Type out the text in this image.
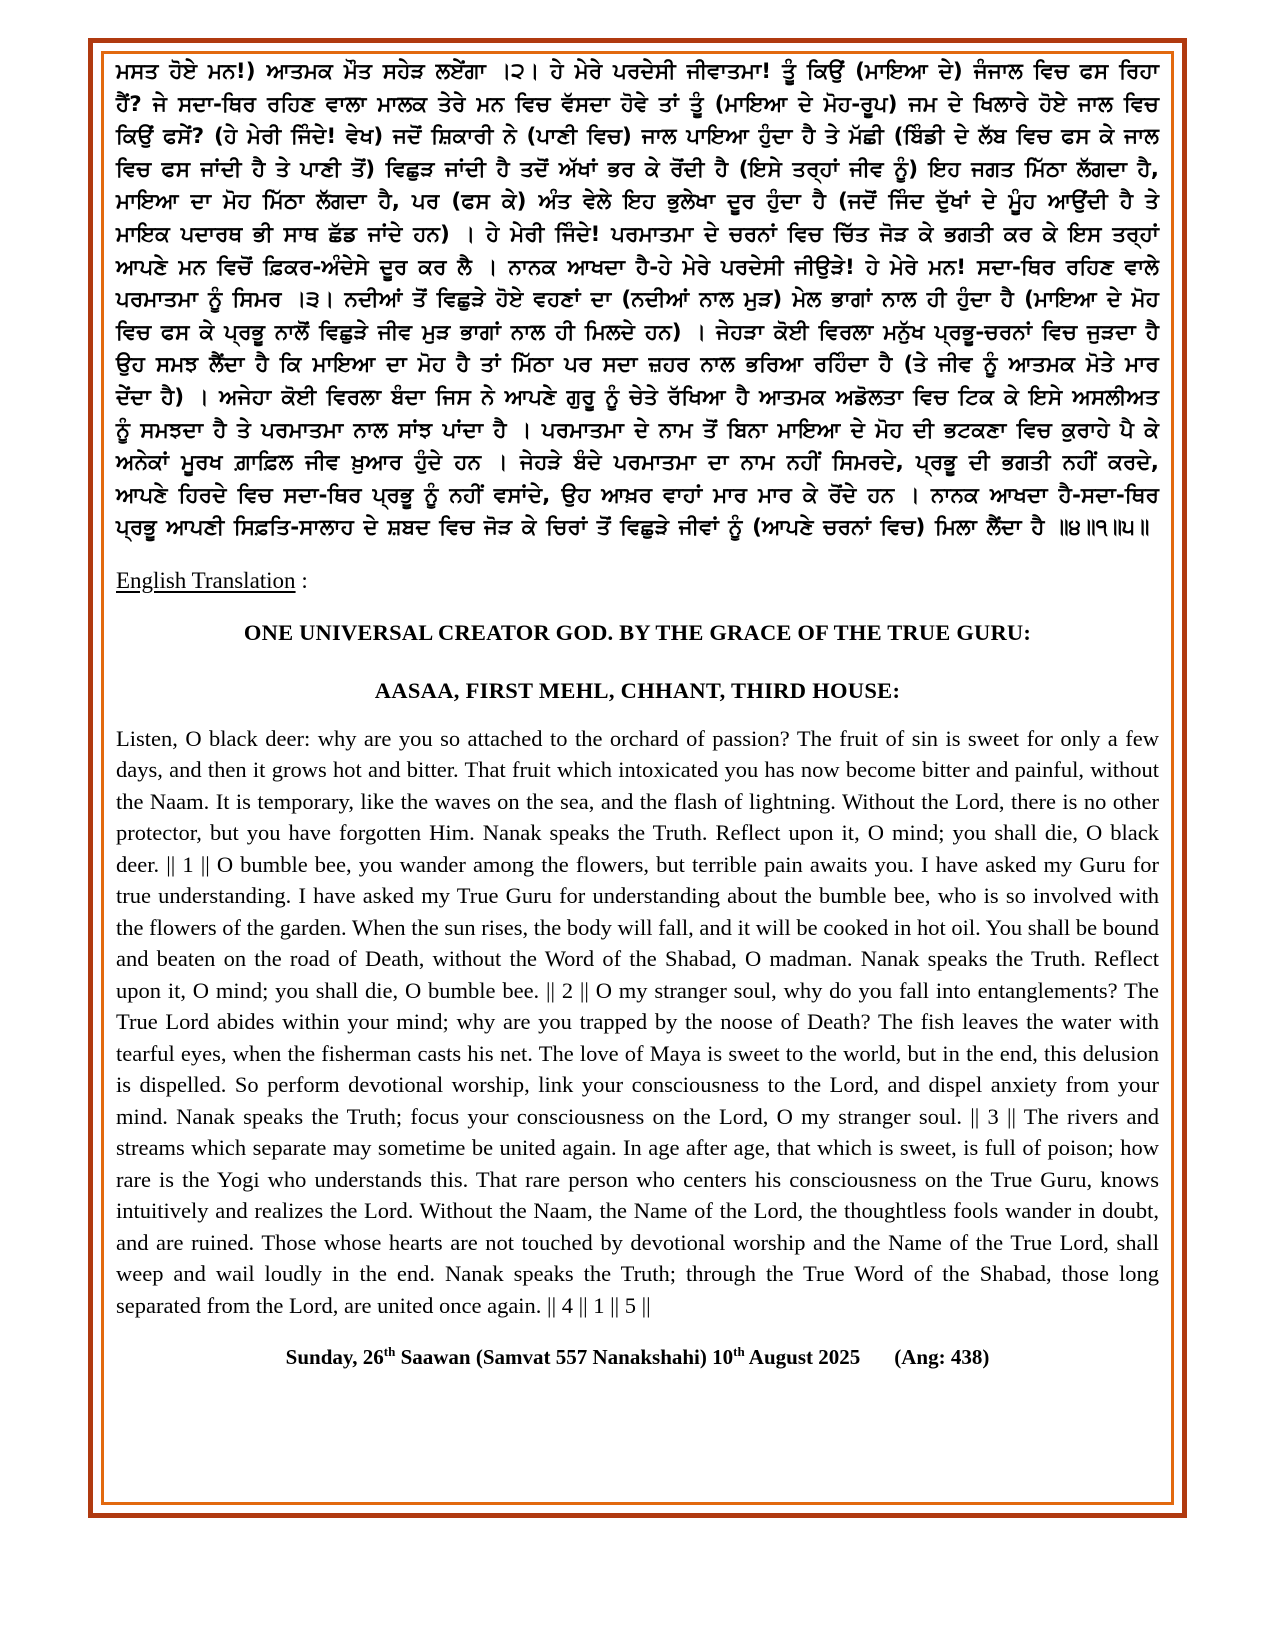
ਮਸਤ ਹੋਏ ਮਨ!) ਆਤਮਕ ਮੌਤ ਸਹੇੜ ਲਏਂਗਾ ।੨। ਹੇ ਮੇਰੇ ਪਰਦੇਸੀ ਜੀਵਾਤਮਾ! ਤੂੰ ਕਿਉਂ (ਮਾਇਆ ਦੇ) ਜੰਜਾਲ ਵਿਚ ਫਸ ਰਿਹਾ ਹੈਂ? ਜੇ ਸਦਾ-ਥਿਰ ਰਹਿਣ ਵਾਲਾ ਮਾਲਕ ਤੇਰੇ ਮਨ ਵਿਚ ਵੱਸਦਾ ਹੋਵੇ ਤਾਂ ਤੂੰ (ਮਾਇਆ ਦੇ ਮੋਹ-ਰੂਪ) ਜਮ ਦੇ ਖਿਲਾਰੇ ਹੋਏ ਜਾਲ ਵਿਚ ਕਿਉਂ ਫਸੇਂ? (ਹੇ ਮੇਰੀ ਜਿੰਦੇ! ਵੇਖ) ਜਦੋਂ ਸ਼ਿਕਾਰੀ ਨੇ (ਪਾਣੀ ਵਿਚ) ਜਾਲ ਪਾਇਆ ਹੁੰਦਾ ਹੈ ਤੇ ਮੱਛੀ (ਬਿੰਡੀ ਦੇ ਲੱਬ ਵਿਚ ਫਸ ਕੇ ਜਾਲ ਵਿਚ ਫਸ ਜਾਂਦੀ ਹੈ ਤੇ ਪਾਣੀ ਤੋਂ) ਵਿਛੁੜ ਜਾਂਦੀ ਹੈ ਤਦੋਂ ਅੱਖਾਂ ਭਰ ਕੇ ਰੋਂਦੀ ਹੈ (ਇਸੇ ਤਰ੍ਹਾਂ ਜੀਵ ਨੂੰ) ਇਹ ਜਗਤ ਮਿੱਠਾ ਲੱਗਦਾ ਹੈ, ਮਾਇਆ ਦਾ ਮੋਹ ਮਿੱਠਾ ਲੱਗਦਾ ਹੈ, ਪਰ (ਫਸ ਕੇ) ਅੰਤ ਵੇਲੇ ਇਹ ਭੁਲੇਖਾ ਦੂਰ ਹੁੰਦਾ ਹੈ (ਜਦੋਂ ਜਿੰਦ ਦੁੱਖਾਂ ਦੇ ਮੂੰਹ ਆਉਂਦੀ ਹੈ ਤੇ ਮਾਇਕ ਪਦਾਰਥ ਭੀ ਸਾਥ ਛੱਡ ਜਾਂਦੇ ਹਨ) । ਹੇ ਮੇਰੀ ਜਿੰਦੇ! ਪਰਮਾਤਮਾ ਦੇ ਚਰਨਾਂ ਵਿਚ ਚਿੱਤ ਜੋੜ ਕੇ ਭਗਤੀ ਕਰ ਕੇ ਇਸ ਤਰ੍ਹਾਂ ਆਪਣੇ ਮਨ ਵਿਚੋਂ ਫ਼ਿਕਰ-ਅੰਦੇਸੇ ਦੂਰ ਕਰ ਲੈ । ਨਾਨਕ ਆਖਦਾ ਹੈ-ਹੇ ਮੇਰੇ ਪਰਦੇਸੀ ਜੀਉੜੇ! ਹੇ ਮੇਰੇ ਮਨ! ਸਦਾ-ਥਿਰ ਰਹਿਣ ਵਾਲੇ ਪਰਮਾਤਮਾ ਨੂੰ ਸਿਮਰ ।੩। ਨਦੀਆਂ ਤੋਂ ਵਿਛੁੜੇ ਹੋਏ ਵਹਣਾਂ ਦਾ (ਨਦੀਆਂ ਨਾਲ ਮੁੜ) ਮੇਲ ਭਾਗਾਂ ਨਾਲ ਹੀ ਹੁੰਦਾ ਹੈ (ਮਾਇਆ ਦੇ ਮੋਹ ਵਿਚ ਫਸ ਕੇ ਪ੍ਰਭੂ ਨਾਲੋਂ ਵਿਛੁੜੇ ਜੀਵ ਮੁੜ ਭਾਗਾਂ ਨਾਲ ਹੀ ਮਿਲਦੇ ਹਨ) । ਜੇਹੜਾ ਕੋਈ ਵਿਰਲਾ ਮਨੁੱਖ ਪ੍ਰਭੂ-ਚਰਨਾਂ ਵਿਚ ਜੁੜਦਾ ਹੈ ਉਹ ਸਮਝ ਲੈਂਦਾ ਹੈ ਕਿ ਮਾਇਆ ਦਾ ਮੋਹ ਹੈ ਤਾਂ ਮਿੱਠਾ ਪਰ ਸਦਾ ਜ਼ਹਰ ਨਾਲ ਭਰਿਆ ਰਹਿੰਦਾ ਹੈ (ਤੇ ਜੀਵ ਨੂੰ ਆਤਮਕ ਮੋਤੇ ਮਾਰ ਦੇਂਦਾ ਹੈ) । ਅਜੇਹਾ ਕੋਈ ਵਿਰਲਾ ਬੰਦਾ ਜਿਸ ਨੇ ਆਪਣੇ ਗੁਰੂ ਨੂੰ ਚੇਤੇ ਰੱਖਿਆ ਹੈ ਆਤਮਕ ਅਡੋਲਤਾ ਵਿਚ ਟਿਕ ਕੇ ਇਸੇ ਅਸਲੀਅਤ ਨੂੰ ਸਮਝਦਾ ਹੈ ਤੇ ਪਰਮਾਤਮਾ ਨਾਲ ਸਾਂਝ ਪਾਂਦਾ ਹੈ । ਪਰਮਾਤਮਾ ਦੇ ਨਾਮ ਤੋਂ ਬਿਨਾ ਮਾਇਆ ਦੇ ਮੋਹ ਦੀ ਭਟਕਣਾ ਵਿਚ ਕੁਰਾਹੇ ਪੈ ਕੇ ਅਨੇਕਾਂ ਮੂਰਖ ਗ਼ਾਫ਼ਿਲ ਜੀਵ ਖ਼ੁਆਰ ਹੁੰਦੇ ਹਨ । ਜੇਹੜੇ ਬੰਦੇ ਪਰਮਾਤਮਾ ਦਾ ਨਾਮ ਨਹੀਂ ਸਿਮਰਦੇ, ਪ੍ਰਭੂ ਦੀ ਭਗਤੀ ਨਹੀਂ ਕਰਦੇ, ਆਪਣੇ ਹਿਰਦੇ ਵਿਚ ਸਦਾ-ਥਿਰ ਪ੍ਰਭੂ ਨੂੰ ਨਹੀਂ ਵਸਾਂਦੇ, ਉਹ ਆਖ਼ਰ ਵਾਹਾਂ ਮਾਰ ਮਾਰ ਕੇ ਰੋਂਦੇ ਹਨ । ਨਾਨਕ ਆਖਦਾ ਹੈ-ਸਦਾ-ਥਿਰ ਪ੍ਰਭੂ ਆਪਣੀ ਸਿਫ਼ਤਿ-ਸਾਲਾਹ ਦੇ ਸ਼ਬਦ ਵਿਚ ਜੋੜ ਕੇ ਚਿਰਾਂ ਤੋਂ ਵਿਛੁੜੇ ਜੀਵਾਂ ਨੂੰ (ਆਪਣੇ ਚਰਨਾਂ ਵਿਚ) ਮਿਲਾ ਲੈਂਦਾ ਹੈ ॥੪॥੧॥੫॥

English Translation :
ONE UNIVERSAL CREATOR GOD. BY THE GRACE OF THE TRUE GURU:
AASAA, FIRST MEHL, CHHANT, THIRD HOUSE:

Listen, O black deer: why are you so attached to the orchard of passion? The fruit of sin is sweet for only a few days, and then it grows hot and bitter. That fruit which intoxicated you has now become bitter and painful, without the Naam. It is temporary, like the waves on the sea, and the flash of lightning. Without the Lord, there is no other protector, but you have forgotten Him. Nanak speaks the Truth. Reflect upon it, O mind; you shall die, O black deer. || 1 || O bumble bee, you wander among the flowers, but terrible pain awaits you. I have asked my Guru for true understanding. I have asked my True Guru for understanding about the bumble bee, who is so involved with the flowers of the garden. When the sun rises, the body will fall, and it will be cooked in hot oil. You shall be bound and beaten on the road of Death, without the Word of the Shabad, O madman. Nanak speaks the Truth. Reflect upon it, O mind; you shall die, O bumble bee. || 2 || O my stranger soul, why do you fall into entanglements? The True Lord abides within your mind; why are you trapped by the noose of Death? The fish leaves the water with tearful eyes, when the fisherman casts his net. The love of Maya is sweet to the world, but in the end, this delusion is dispelled. So perform devotional worship, link your consciousness to the Lord, and dispel anxiety from your mind. Nanak speaks the Truth; focus your consciousness on the Lord, O my stranger soul. || 3 || The rivers and streams which separate may sometime be united again. In age after age, that which is sweet, is full of poison; how rare is the Yogi who understands this. That rare person who centers his consciousness on the True Guru, knows intuitively and realizes the Lord. Without the Naam, the Name of the Lord, the thoughtless fools wander in doubt, and are ruined. Those whose hearts are not touched by devotional worship and the Name of the True Lord, shall weep and wail loudly in the end. Nanak speaks the Truth; through the True Word of the Shabad, those long separated from the Lord, are united once again. || 4 || 1 || 5 ||

Sunday, 26th Saawan (Samvat 557 Nanakshahi) 10th August 2025 (Ang: 438)
